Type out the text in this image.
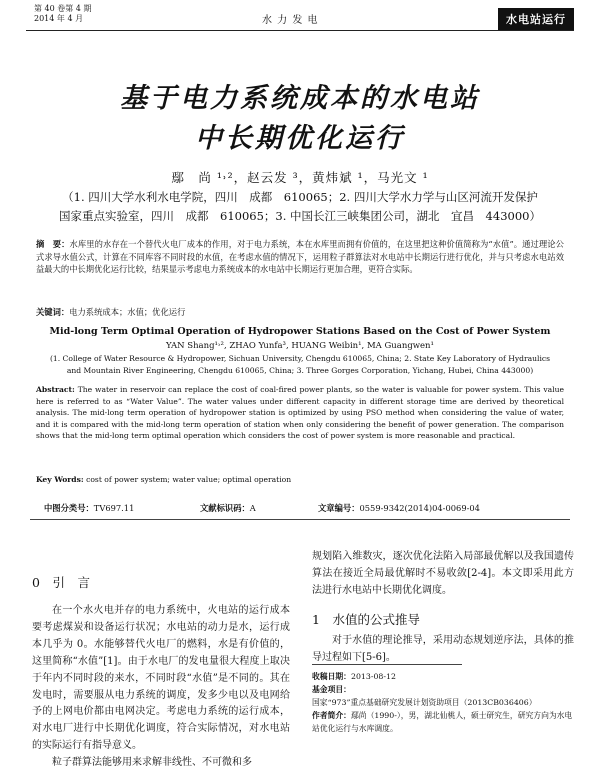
第 40 卷第 4 期
2014 年 4 月	水 力 发 电	水电站运行
基于电力系统成本的水电站
中长期优化运行
鄢　尚 ¹˒²，赵云发 ³，黄炜斌 ¹，马光文 ¹
（1. 四川大学水利水电学院，四川　成都　610065；2. 四川大学水力学与山区河流开发保护
国家重点实验室，四川　成都　610065；3. 中国长江三峡集团公司，湖北　宜昌　443000）
摘　要：水库里的水存在一个替代火电厂成本的作用，对于电力系统，本在水库里而拥有价值的，在这里把这种价值简称为“水值”。通过理论公式求导水值公式，计算在不同库容不同时段的水值，在考虑水值的情况下，运用粒子群算法对水电站中长期运行进行优化，并与只考虑水电站效益最大的中长期优化运行比较，结果显示考虑电力系统成本的水电站中长期运行更加合理，更符合实际。
关键词：电力系统成本；水值；优化运行
Mid-long Term Optimal Operation of Hydropower Stations Based on the Cost of Power System
YAN Shang¹˒², ZHAO Yunfa³, HUANG Weibin¹, MA Guangwen¹
(1. College of Water Resource & Hydropower, Sichuan University, Chengdu 610065, China; 2. State Key Laboratory of Hydraulics
and Mountain River Engineering, Chengdu 610065, China; 3. Three Gorges Corporation, Yichang, Hubei, China 443000)
Abstract: The water in reservoir can replace the cost of coal-fired power plants, so the water is valuable for power system. This value here is referred to as “Water Value”. The water values under different capacity in different storage time are derived by theoretical analysis. The mid-long term operation of hydropower station is optimized by using PSO method when considering the value of water, and it is compared with the mid-long term operation of station when only considering the benefit of power generation. The comparison shows that the mid-long term optimal operation which considers the cost of power system is more reasonable and practical.
Key Words: cost of power system; water value; optimal operation
中图分类号：TV697.11	文献标识码：A	文章编号：0559-9342(2014)04-0069-04
0　引　言
在一个水火电并存的电力系统中，火电站的运行成本要考虑煤炭和设备运行状况；水电站的动力是水，运行成本几乎为 0。水能够替代火电厂的燃料，水是有价值的，这里简称“水值”[1]。由于水电厂的发电量很大程度上取决于年内不同时段的来水，不同时段“水值”是不同的。其在发电时，需要服从电力系统的调度，发多少电以及电网给予的上网电价都由电网决定。考虑电力系统的运行成本，对水电厂进行中长期优化调度，符合实际情况，对水电站的实际运行有指导意义。
粒子群算法能够用来求解非线性、不可微和多
规划陷入维数灾，逐次优化法陷入局部最优解以及我国遗传算法在接近全局最优解时不易收敛[2-4]。本文即采用此方法进行水电站中长期优化调度。
1　水值的公式推导
对于水值的理论推导，采用动态规划逆序法，具体的推导过程如下[5-6]。
收稿日期：2013-08-12
基金项目：国家“973”重点基础研究发展计划资助项目（2013CB036406）
作者简介：鄢尚（1990-），男，湖北仙桃人，硕士研究生，研究方向为水电站优化运行与水库调度。
